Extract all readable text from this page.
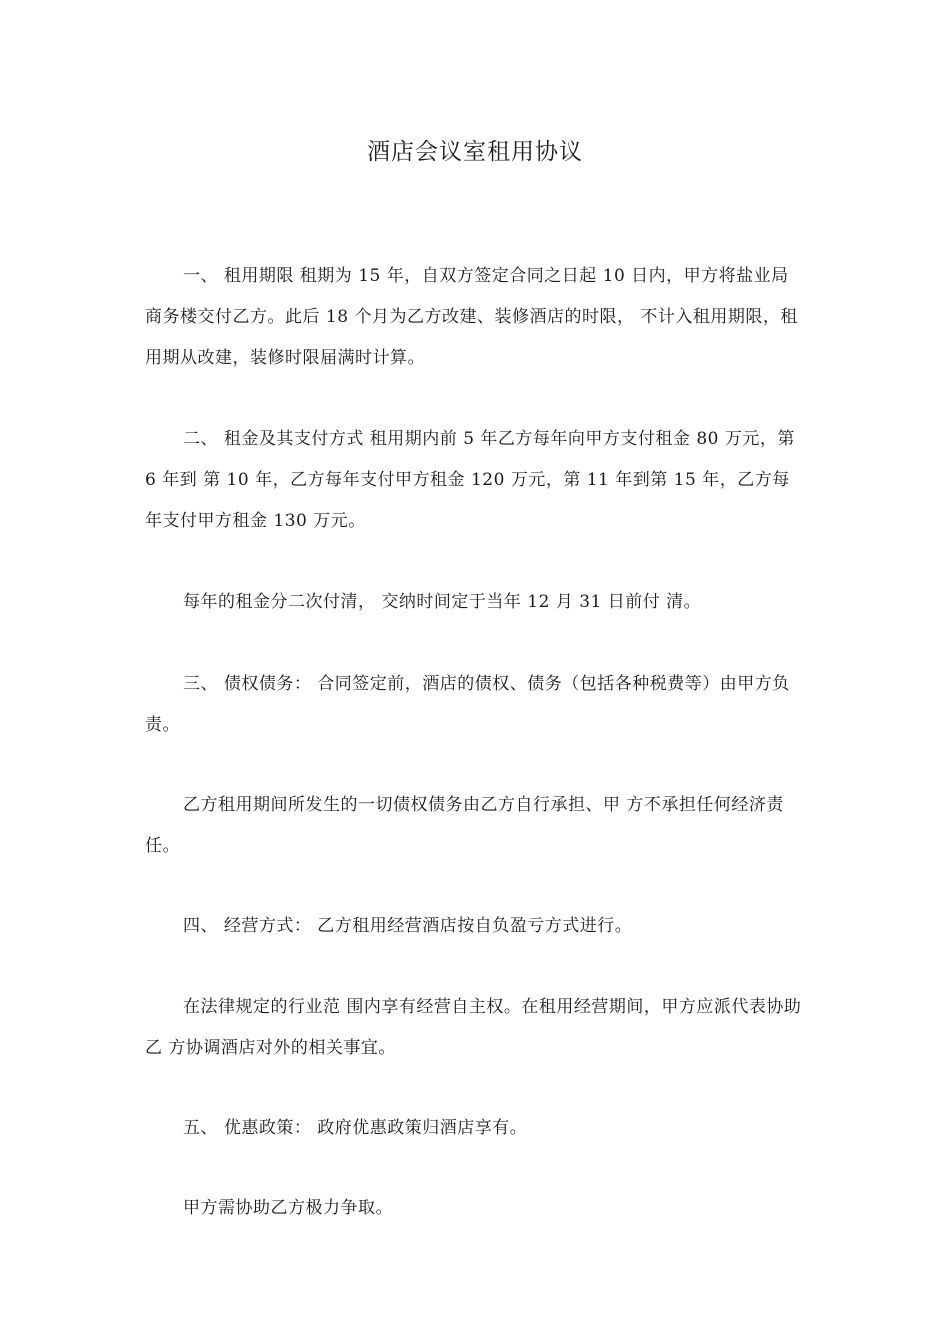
酒店会议室租用协议

一、 租用期限 租期为 15 年，自双方签定合同之日起 10 日内，甲方将盐业局 商务楼交付乙方。此后 18 个月为乙方改建、装修酒店的时限， 不计入租用期限，租用期从改建，装修时限届满时计算。

二、 租金及其支付方式 租用期内前 5 年乙方每年向甲方支付租金 80 万元，第 6 年到 第 10 年，乙方每年支付甲方租金 120 万元，第 11 年到第 15 年，乙方每年支付甲方租金 130 万元。

每年的租金分二次付清， 交纳时间定于当年 12 月 31 日前付 清。

三、 债权债务： 合同签定前，酒店的债权、债务（包括各种税费等）由甲方负 责。

乙方租用期间所发生的一切债权债务由乙方自行承担、甲 方不承担任何经济责任。

四、 经营方式： 乙方租用经营酒店按自负盈亏方式进行。

在法律规定的行业范 围内享有经营自主权。在租用经营期间，甲方应派代表协助乙 方协调酒店对外的相关事宜。

五、 优惠政策： 政府优惠政策归酒店享有。

甲方需协助乙方极力争取。
